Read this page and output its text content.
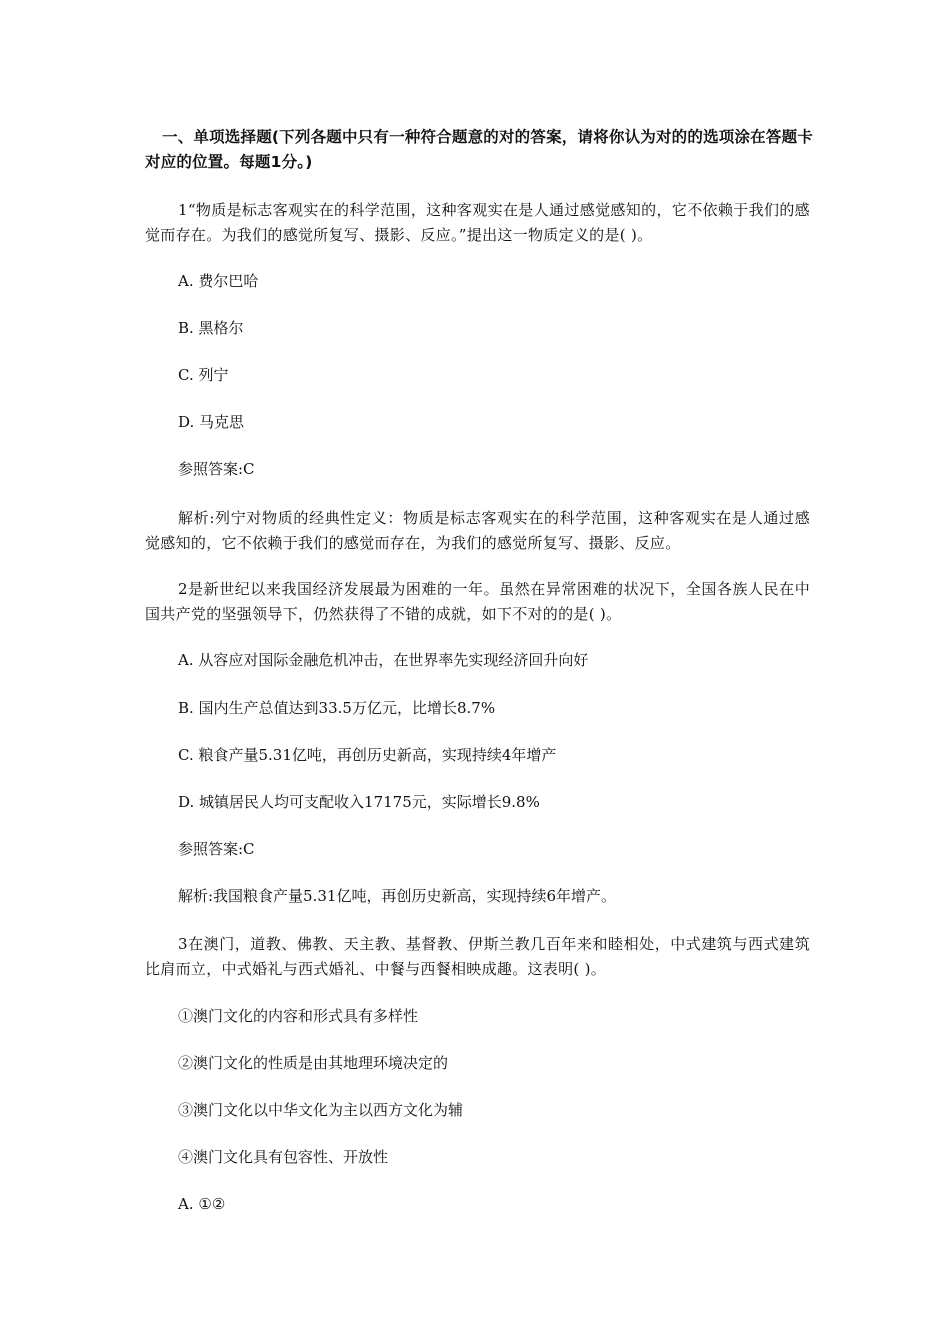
一、单项选择题(下列各题中只有一种符合题意的对的答案，请将你认为对的的选项涂在答题卡对应的位置。每题1分。)
1“物质是标志客观实在的科学范围，这种客观实在是人通过感觉感知的，它不依赖于我们的感觉而存在。为我们的感觉所复写、摄影、反应。”提出这一物质定义的是( )。
A. 费尔巴哈
B. 黑格尔
C. 列宁
D. 马克思
参照答案:C
解析:列宁对物质的经典性定义：物质是标志客观实在的科学范围，这种客观实在是人通过感觉感知的，它不依赖于我们的感觉而存在，为我们的感觉所复写、摄影、反应。
2是新世纪以来我国经济发展最为困难的一年。虽然在异常困难的状况下，全国各族人民在中国共产党的坚强领导下，仍然获得了不错的成就，如下不对的的是( )。
A. 从容应对国际金融危机冲击，在世界率先实现经济回升向好
B. 国内生产总值达到33.5万亿元，比增长8.7%
C. 粮食产量5.31亿吨，再创历史新高，实现持续4年增产
D. 城镇居民人均可支配收入17175元，实际增长9.8%
参照答案:C
解析:我国粮食产量5.31亿吨，再创历史新高，实现持续6年增产。
3在澳门，道教、佛教、天主教、基督教、伊斯兰教几百年来和睦相处，中式建筑与西式建筑比肩而立，中式婚礼与西式婚礼、中餐与西餐相映成趣。这表明( )。
①澳门文化的内容和形式具有多样性
②澳门文化的性质是由其地理环境决定的
③澳门文化以中华文化为主以西方文化为辅
④澳门文化具有包容性、开放性
A. ①②
